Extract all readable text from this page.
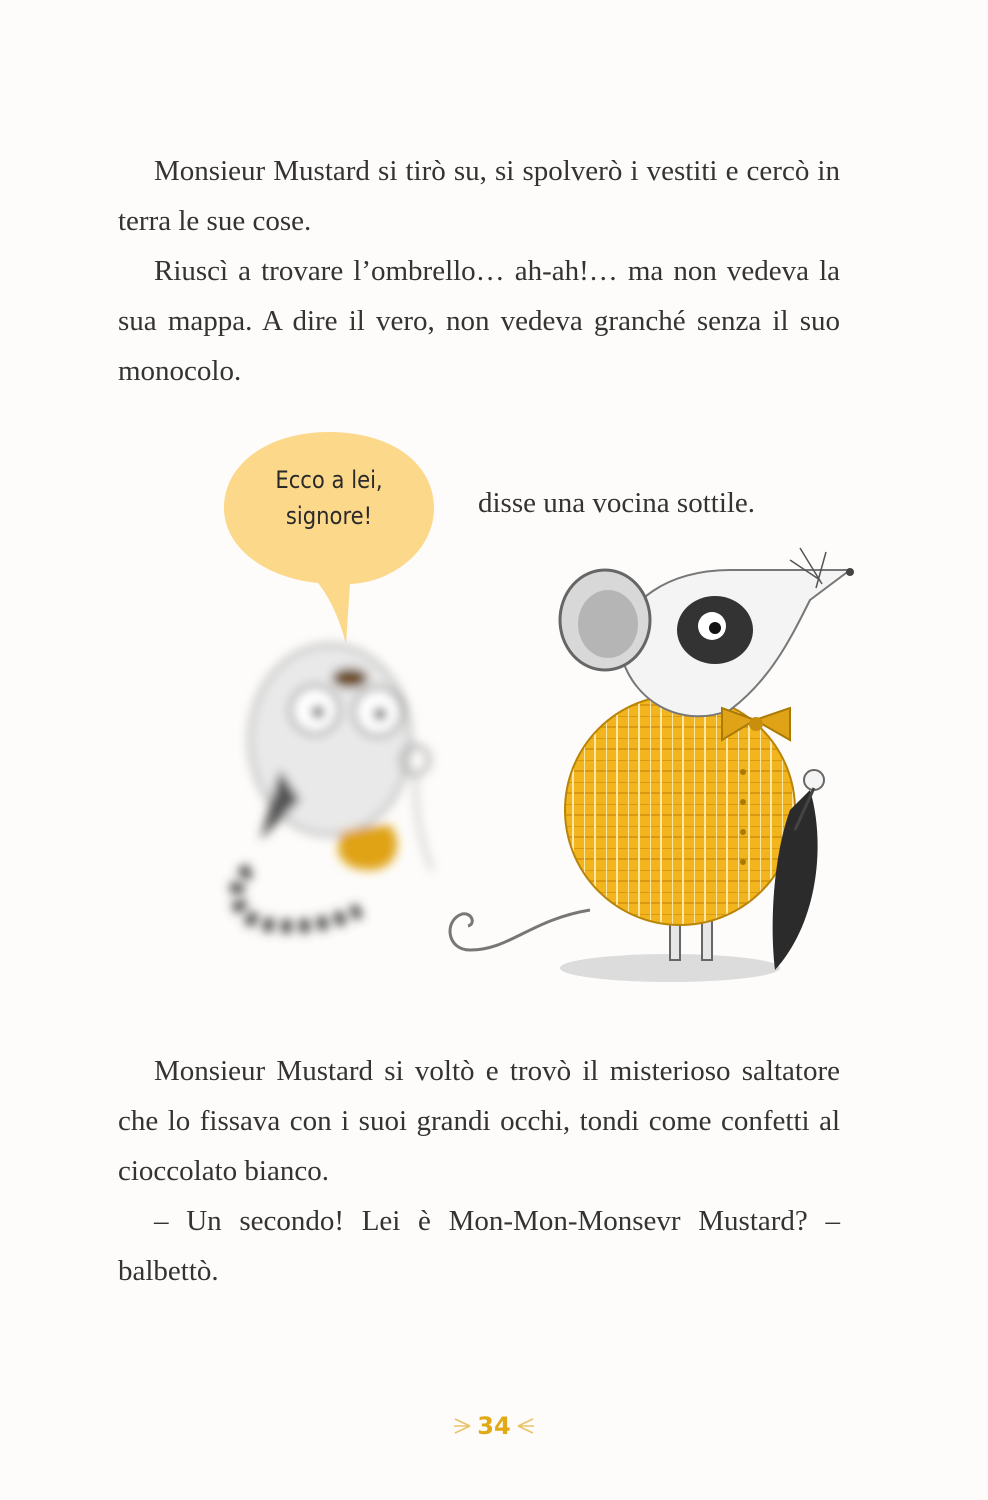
Monsieur Mustard si tirò su, si spolverò i vestiti e cercò in terra le sue cose.

Riuscì a trovare l’ombrello… ah-ah!… ma non vedeva la sua mappa. A dire il vero, non vedeva granché senza il suo monocolo.

Ecco a lei,
signore!	disse una vocina sottile.

Monsieur Mustard si voltò e trovò il misterioso saltatore che lo fissava con i suoi grandi occhi, tondi come confetti al cioccolato bianco.

– Un secondo! Lei è Mon-Mon-Monsevr Mustard? – balbettò.

34
